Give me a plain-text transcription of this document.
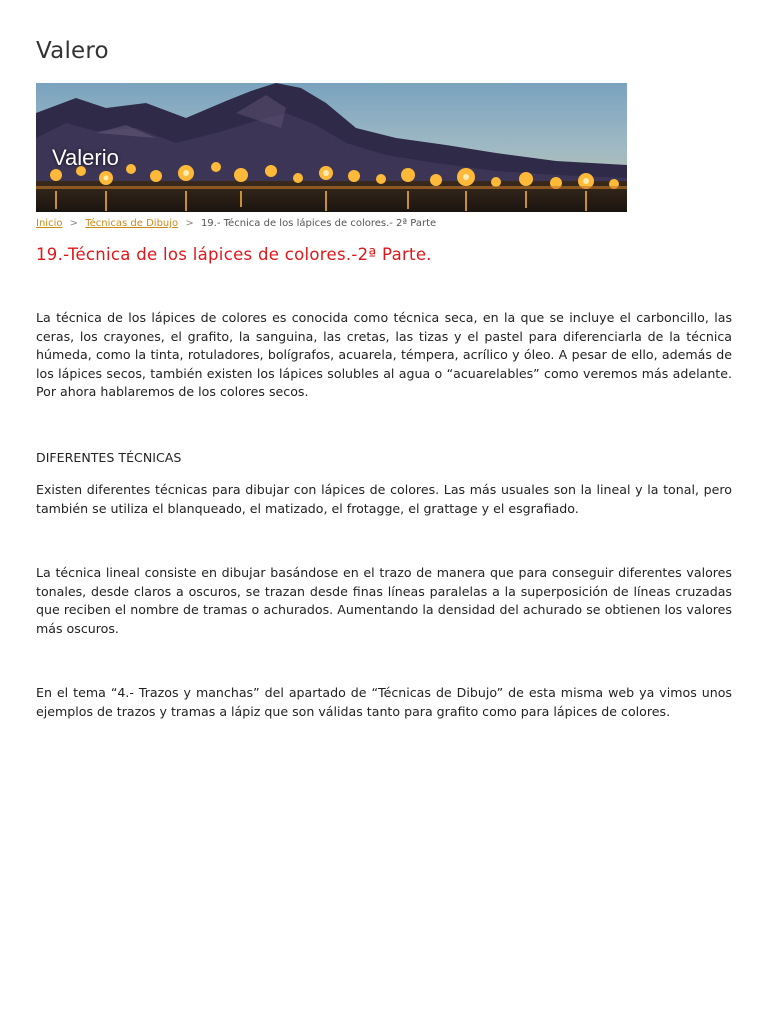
Valero
Valerio
Inicio > Técnicas de Dibujo > 19.- Técnica de los lápices de colores.- 2ª Parte
19.-Técnica de los lápices de colores.-2ª Parte.

La técnica de los lápices de colores es conocida como técnica seca, en la que se incluye el carboncillo, las ceras, los crayones, el grafito, la sanguina, las cretas, las tizas y el pastel para diferenciarla de la técnica húmeda, como la tinta, rotuladores, bolígrafos, acuarela, témpera, acrílico y óleo. A pesar de ello, además de los lápices secos, también existen los lápices solubles al agua o “acuarelables” como veremos más adelante. Por ahora hablaremos de los colores secos.

DIFERENTES TÉCNICAS

Existen diferentes técnicas para dibujar con lápices de colores. Las más usuales son la lineal y la tonal, pero también se utiliza el blanqueado, el matizado, el frotagge, el grattage y el esgrafiado.

La técnica lineal consiste en dibujar basándose en el trazo de manera que para conseguir diferentes valores tonales, desde claros a oscuros, se trazan desde finas líneas paralelas a la superposición de líneas cruzadas que reciben el nombre de tramas o achurados. Aumentando la densidad del achurado se obtienen los valores más oscuros.

En el tema “4.- Trazos y manchas” del apartado de “Técnicas de Dibujo” de esta misma web ya vimos unos ejemplos de trazos y tramas a lápiz que son válidas tanto para grafito como para lápices de colores.
